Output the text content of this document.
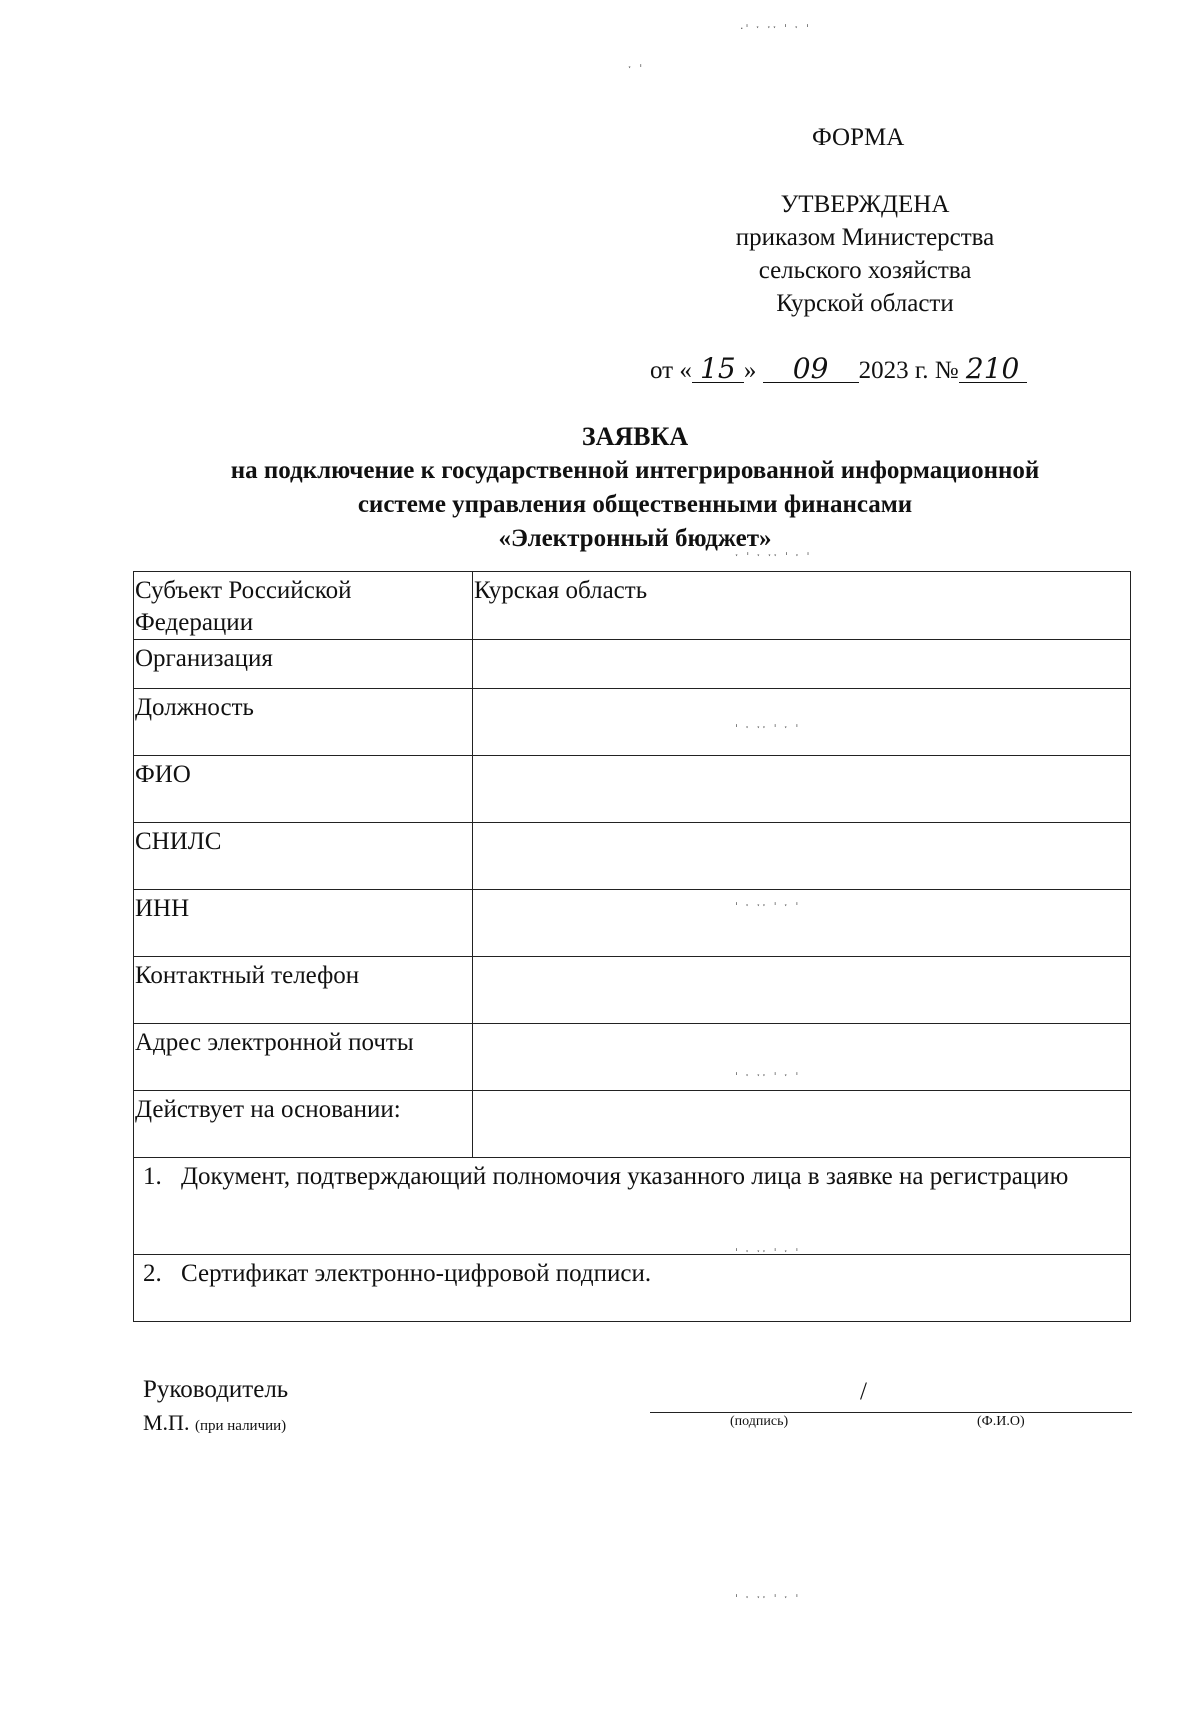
ФОРМА
УТВЕРЖДЕНА
приказом Министерства
сельского хозяйства
Курской области
от « 15 » 09 2023 г. № 210
ЗАЯВКА
на подключение к государственной интегрированной информационной
системе управления общественными финансами
«Электронный бюджет»
Субъект Российской Федерации	Курская область
Организация	
Должность	
ФИО	
СНИЛС	
ИНН	
Контактный телефон	
Адрес электронной почты	
Действует на основании:	

1. Документ, подтверждающий полномочия указанного лица в заявке на регистрацию	

2. Сертификат электронно-цифровой подписи.	
Руководитель
М.П. (при наличии)
/
(подпись)	(Ф.И.О)
·ˈ ˑ ˑˑ ˈ ˑ ˈ
ˑ ˈ
ˑ ˈ ˑ ˑˑ ˈ ˑ ˈ
ˈ ˑ ˑˑ ˈ ˑ ˈ
ˈ ˑ ˑˑ ˈ ˑ ˈ
ˈ ˑ ˑˑ ˈ ˑ ˈ
ˈ ˑ ˑˑ ˈ ˑ ˈ
ˈ ˑ ˑˑ ˈ ˑ ˈ
